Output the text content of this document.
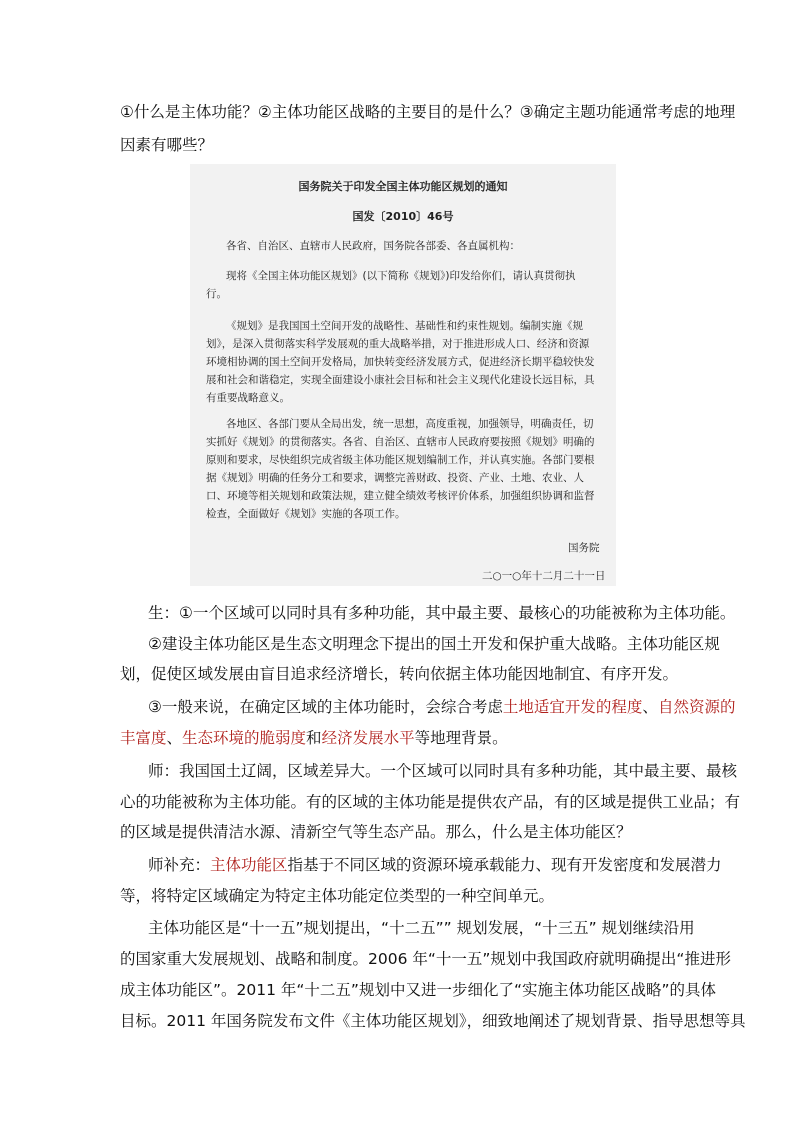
①什么是主体功能？②主体功能区战略的主要目的是什么？③确定主题功能通常考虑的地理
因素有哪些？
国务院关于印发全国主体功能区规划的通知
国发〔2010〕46号
各省、自治区、直辖市人民政府，国务院各部委、各直属机构：
现将《全国主体功能区规划》(以下简称《规划》)印发给你们，请认真贯彻执
行。
《规划》是我国国土空间开发的战略性、基础性和约束性规划。编制实施《规
划》，是深入贯彻落实科学发展观的重大战略举措，对于推进形成人口、经济和资源
环境相协调的国土空间开发格局，加快转变经济发展方式，促进经济长期平稳较快发
展和社会和谐稳定，实现全面建设小康社会目标和社会主义现代化建设长远目标，具
有重要战略意义。
各地区、各部门要从全局出发，统一思想，高度重视，加强领导，明确责任，切
实抓好《规划》的贯彻落实。各省、自治区、直辖市人民政府要按照《规划》明确的
原则和要求，尽快组织完成省级主体功能区规划编制工作，并认真实施。各部门要根
据《规划》明确的任务分工和要求，调整完善财政、投资、产业、土地、农业、人
口、环境等相关规划和政策法规，建立健全绩效考核评价体系，加强组织协调和监督
检查，全面做好《规划》实施的各项工作。
国务院
二○一○年十二月二十一日
生：①一个区域可以同时具有多种功能，其中最主要、最核心的功能被称为主体功能。
②建设主体功能区是生态文明理念下提出的国土开发和保护重大战略。主体功能区规
划，促使区域发展由盲目追求经济增长，转向依据主体功能因地制宜、有序开发。
③一般来说，在确定区域的主体功能时，会综合考虑土地适宜开发的程度、自然资源的
丰富度、生态环境的脆弱度和经济发展水平等地理背景。
师：我国国土辽阔，区域差异大。一个区域可以同时具有多种功能，其中最主要、最核
心的功能被称为主体功能。有的区域的主体功能是提供农产品，有的区域是提供工业品；有
的区域是提供清洁水源、清新空气等生态产品。那么，什么是主体功能区？
师补充：主体功能区指基于不同区域的资源环境承载能力、现有开发密度和发展潜力
等，将特定区域确定为特定主体功能定位类型的一种空间单元。
主体功能区是“十一五”规划提出，“十二五”” 规划发展，“十三五” 规划继续沿用
的国家重大发展规划、战略和制度。2006 年“十一五”规划中我国政府就明确提出“推进形
成主体功能区”。2011 年“十二五”规划中又进一步细化了“实施主体功能区战略”的具体
目标。2011 年国务院发布文件《主体功能区规划》，细致地阐述了规划背景、指导思想等具
